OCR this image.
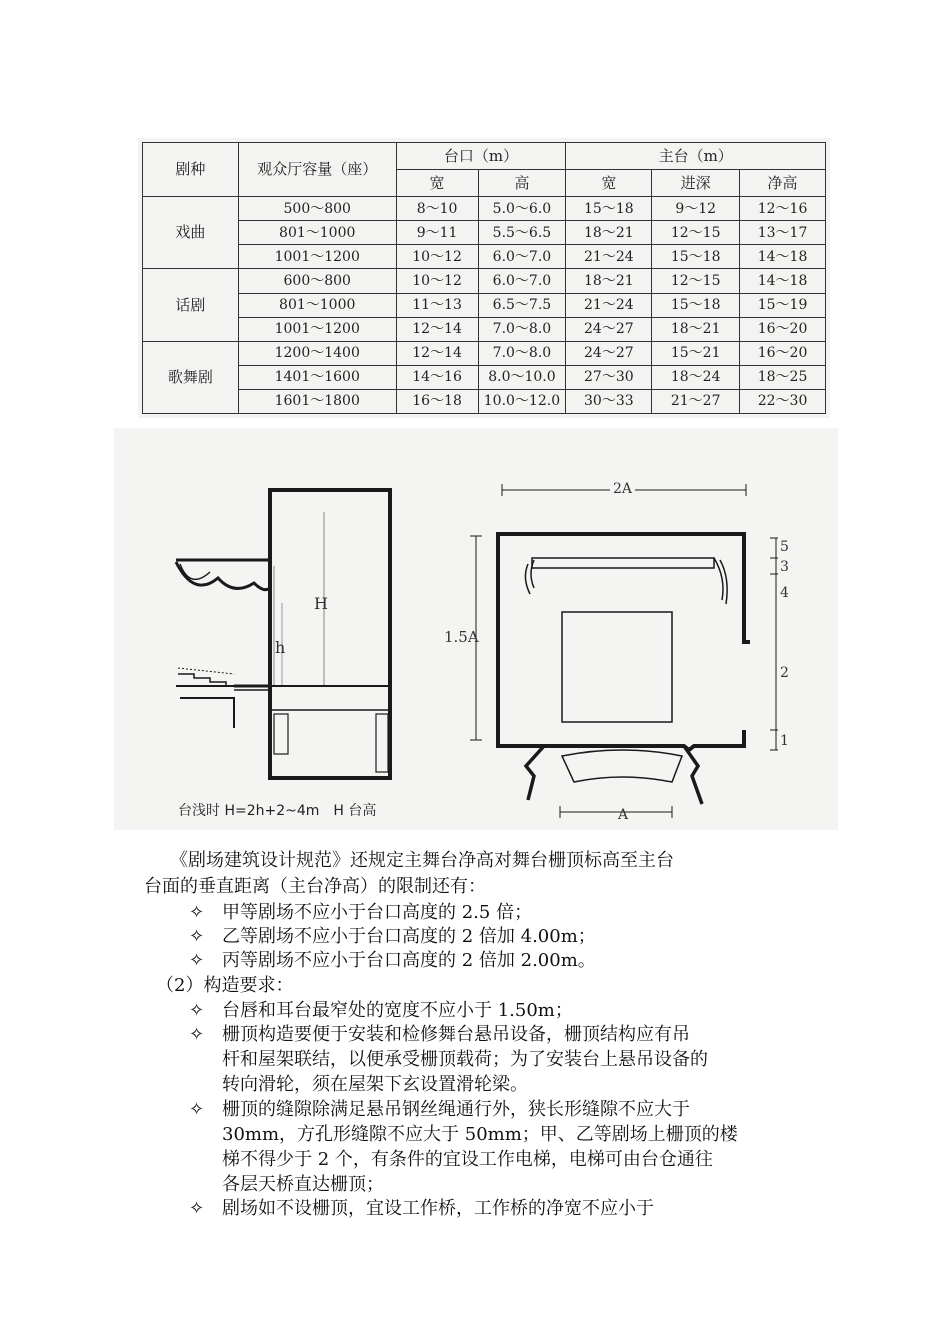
剧种	观众厅容量（座）	台口（m）		主台（m）		
		宽	高	宽	进深	净高
戏曲	500～800	8～10	5.0～6.0	15～18	9～12	12～16
	801～1000	9～11	5.5～6.5	18～21	12～15	13～17
	1001～1200	10～12	6.0～7.0	21～24	15～18	14～18
话剧	600～800	10～12	6.0～7.0	18～21	12～15	14～18
	801～1000	11～13	6.5～7.5	21～24	15～18	15～19
	1001～1200	12～14	7.0～8.0	24～27	18～21	16～20
歌舞剧	1200～1400	12～14	7.0～8.0	24～27	15～21	16～20
	1401～1600	14～16	8.0～10.0	27～30	18～24	18～25
	1601～1800	16～18	10.0～12.0	30～33	21～27	22～30
H
h
2A
1.5A
A
5
3
4
2
1
台浅时 H=2h+2~4m　H 台高
《剧场建筑设计规范》还规定主舞台净高对舞台栅顶标高至主台
台面的垂直距离（主台净高）的限制还有：
✧ 甲等剧场不应小于台口高度的 2.5 倍；
✧ 乙等剧场不应小于台口高度的 2 倍加 4.00m；
✧ 丙等剧场不应小于台口高度的 2 倍加 2.00m。
（2）构造要求：
✧ 台唇和耳台最窄处的宽度不应小于 1.50m；
✧ 栅顶构造要便于安装和检修舞台悬吊设备，栅顶结构应有吊
杆和屋架联结，以便承受栅顶载荷；为了安装台上悬吊设备的
转向滑轮，须在屋架下玄设置滑轮梁。
✧ 栅顶的缝隙除满足悬吊钢丝绳通行外，狭长形缝隙不应大于
30mm，方孔形缝隙不应大于 50mm；甲、乙等剧场上栅顶的楼
梯不得少于 2 个，有条件的宜设工作电梯，电梯可由台仓通往
各层天桥直达栅顶；
✧ 剧场如不设栅顶，宜设工作桥，工作桥的净宽不应小于
